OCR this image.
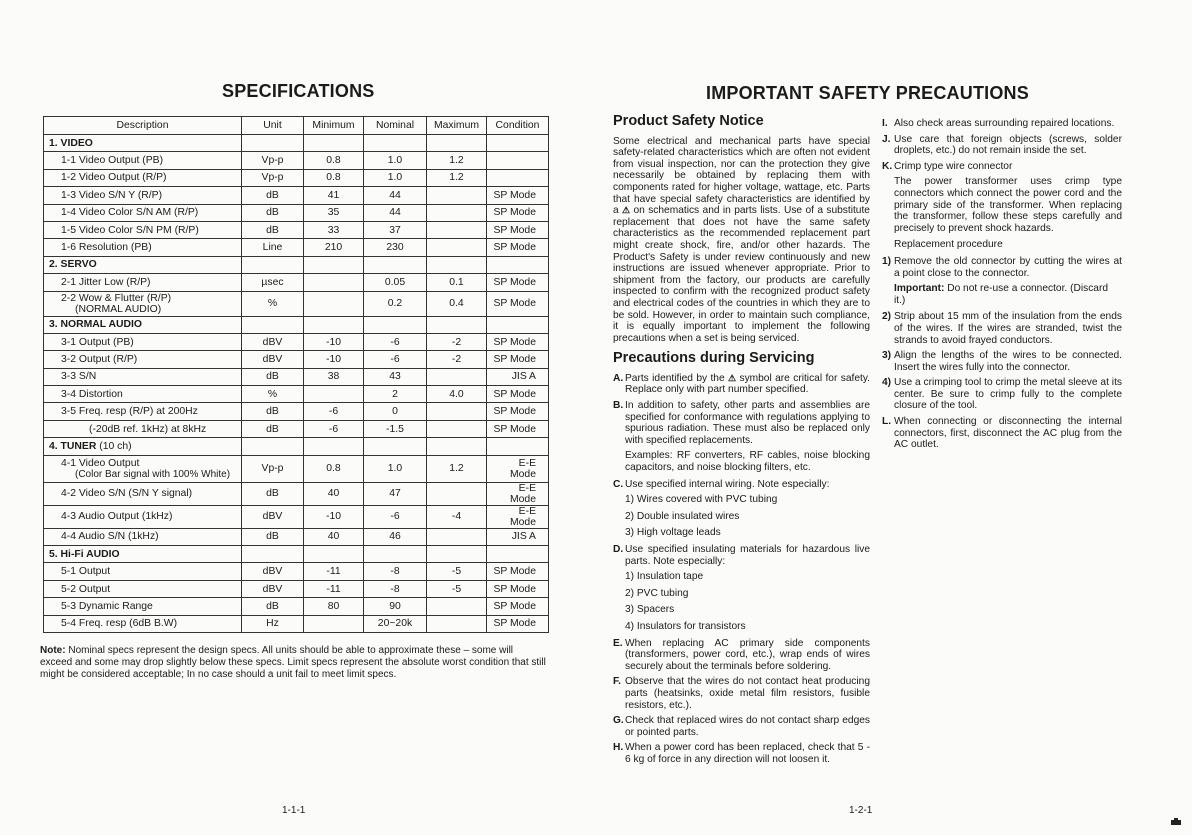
SPECIFICATIONS
Description	Unit	Minimum	Nominal	Maximum	Condition
1. VIDEO					
1-1 Video Output (PB)	Vp-p	0.8	1.0	1.2	
1-2 Video Output (R/P)	Vp-p	0.8	1.0	1.2	
1-3 Video S/N Y (R/P)	dB	41	44		SP Mode
1-4 Video Color S/N AM (R/P)	dB	35	44		SP Mode
1-5 Video Color S/N PM (R/P)	dB	33	37		SP Mode
1-6 Resolution (PB)	Line	210	230		SP Mode
2. SERVO					
2-1 Jitter Low (R/P)	µsec		0.05	0.1	SP Mode
2-2 Wow & Flutter (R/P)
(NORMAL AUDIO)	%		0.2	0.4	SP Mode
3. NORMAL AUDIO					
3-1 Output (PB)	dBV	-10	-6	-2	SP Mode
3-2 Output (R/P)	dBV	-10	-6	-2	SP Mode
3-3 S/N	dB	38	43		JIS A
3-4 Distortion	%		2	4.0	SP Mode
3-5 Freq. resp (R/P) at 200Hz	dB	-6	0		SP Mode
(-20dB ref. 1kHz) at 8kHz	dB	-6	-1.5		SP Mode
4. TUNER (10 ch)					
4-1 Video Output
(Color Bar signal with 100% White)	Vp-p	0.8	1.0	1.2	E-E Mode
4-2 Video S/N (S/N Y signal)	dB	40	47		E-E Mode
4-3 Audio Output (1kHz)	dBV	-10	-6	-4	E-E Mode
4-4 Audio S/N (1kHz)	dB	40	46		JIS A
5. Hi-Fi AUDIO					
5-1 Output	dBV	-11	-8	-5	SP Mode
5-2 Output	dBV	-11	-8	-5	SP Mode
5-3 Dynamic Range	dB	80	90		SP Mode
5-4 Freq. resp (6dB B.W)	Hz		20~20k		SP Mode
Note: Nominal specs represent the design specs. All units should be able to approximate these – some will exceed and some may drop slightly below these specs. Limit specs represent the absolute worst condition that still might be considered acceptable; In no case should a unit fail to meet limit specs.
1-1-1
IMPORTANT SAFETY PRECAUTIONS
Product Safety Notice

Some electrical and mechanical parts have special safety-related characteristics which are often not evident from visual inspection, nor can the protection they give necessarily be obtained by replacing them with components rated for higher voltage, wattage, etc. Parts that have special safety characteristics are identified by a ⚠ on schematics and in parts lists. Use of a substitute replacement that does not have the same safety characteristics as the recommended replacement part might create shock, fire, and/or other hazards. The Product's Safety is under review continuously and new instructions are issued whenever appropriate. Prior to shipment from the factory, our products are carefully inspected to confirm with the recognized product safety and electrical codes of the countries in which they are to be sold. However, in order to maintain such compliance, it is equally important to implement the following precautions when a set is being serviced.

Precautions during Servicing
A. Parts identified by the ⚠ symbol are critical for safety. Replace only with part number specified.
B. In addition to safety, other parts and assemblies are specified for conformance with regulations applying to spurious radiation. These must also be replaced only with specified replacements.

Examples: RF converters, RF cables, noise blocking capacitors, and noise blocking filters, etc.

C. Use specified internal wiring. Note especially:

1) Wires covered with PVC tubing

2) Double insulated wires

3) High voltage leads

D. Use specified insulating materials for hazardous live parts. Note especially:

1) Insulation tape

2) PVC tubing

3) Spacers

4) Insulators for transistors

E. When replacing AC primary side components (transformers, power cord, etc.), wrap ends of wires securely about the terminals before soldering.
F. Observe that the wires do not contact heat producing parts (heatsinks, oxide metal film resistors, fusible resistors, etc.).
G. Check that replaced wires do not contact sharp edges or pointed parts.
H. When a power cord has been replaced, check that 5 - 6 kg of force in any direction will not loosen it.
I. Also check areas surrounding repaired locations.
J. Use care that foreign objects (screws, solder droplets, etc.) do not remain inside the set.
K. Crimp type wire connector

The power transformer uses crimp type connectors which connect the power cord and the primary side of the transformer. When replacing the transformer, follow these steps carefully and precisely to prevent shock hazards.

Replacement procedure

1) Remove the old connector by cutting the wires at a point close to the connector.

Important: Do not re-use a connector. (Discard it.)

2) Strip about 15 mm of the insulation from the ends of the wires. If the wires are stranded, twist the strands to avoid frayed conductors.
3) Align the lengths of the wires to be connected. Insert the wires fully into the connector.
4) Use a crimping tool to crimp the metal sleeve at its center. Be sure to crimp fully to the complete closure of the tool.
L. When connecting or disconnecting the internal connectors, first, disconnect the AC plug from the AC outlet.
1-2-1
